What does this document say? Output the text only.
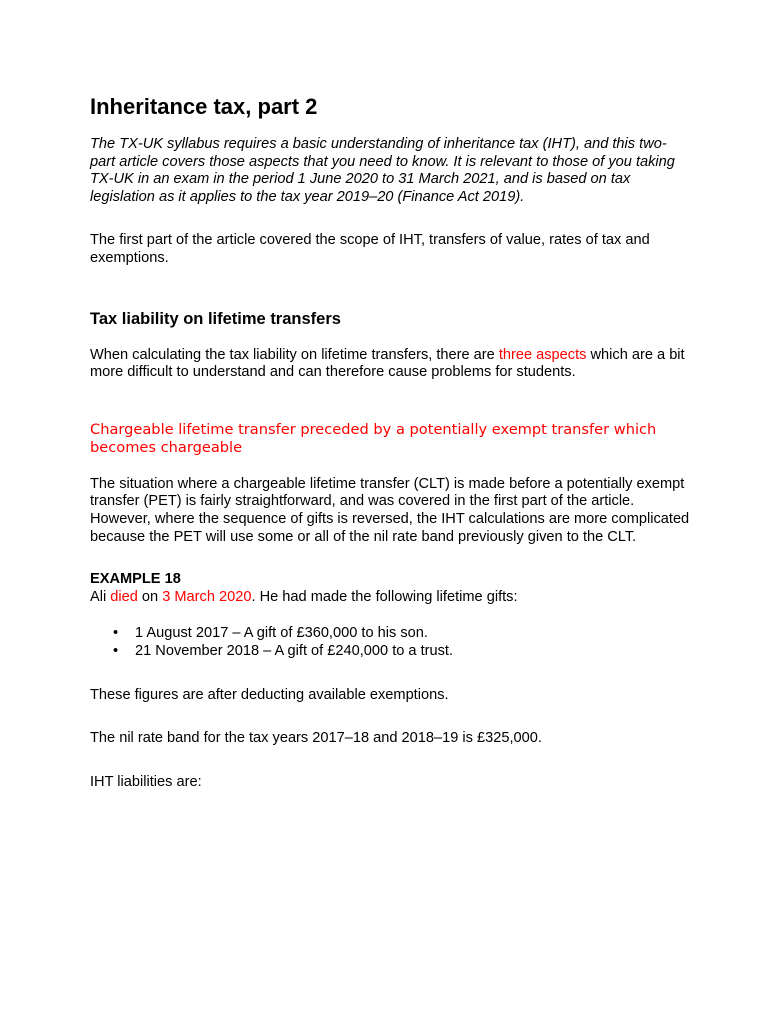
Inheritance tax, part 2

The TX-UK syllabus requires a basic understanding of inheritance tax (IHT), and this two-part article covers those aspects that you need to know. It is relevant to those of you taking TX-UK in an exam in the period 1 June 2020 to 31 March 2021, and is based on tax legislation as it applies to the tax year 2019–20 (Finance Act 2019).

The first part of the article covered the scope of IHT, transfers of value, rates of tax and exemptions.

Tax liability on lifetime transfers

When calculating the tax liability on lifetime transfers, there are three aspects which are a bit more difficult to understand and can therefore cause problems for students.

Chargeable lifetime transfer preceded by a potentially exempt transfer which becomes chargeable

The situation where a chargeable lifetime transfer (CLT) is made before a potentially exempt transfer (PET) is fairly straightforward, and was covered in the first part of the article. However, where the sequence of gifts is reversed, the IHT calculations are more complicated because the PET will use some or all of the nil rate band previously given to the CLT.

EXAMPLE 18

Ali died on 3 March 2020. He had made the following lifetime gifts:

• 1 August 2017 – A gift of £360,000 to his son.
• 21 November 2018 – A gift of £240,000 to a trust.

These figures are after deducting available exemptions.

The nil rate band for the tax years 2017–18 and 2018–19 is £325,000.

IHT liabilities are:
